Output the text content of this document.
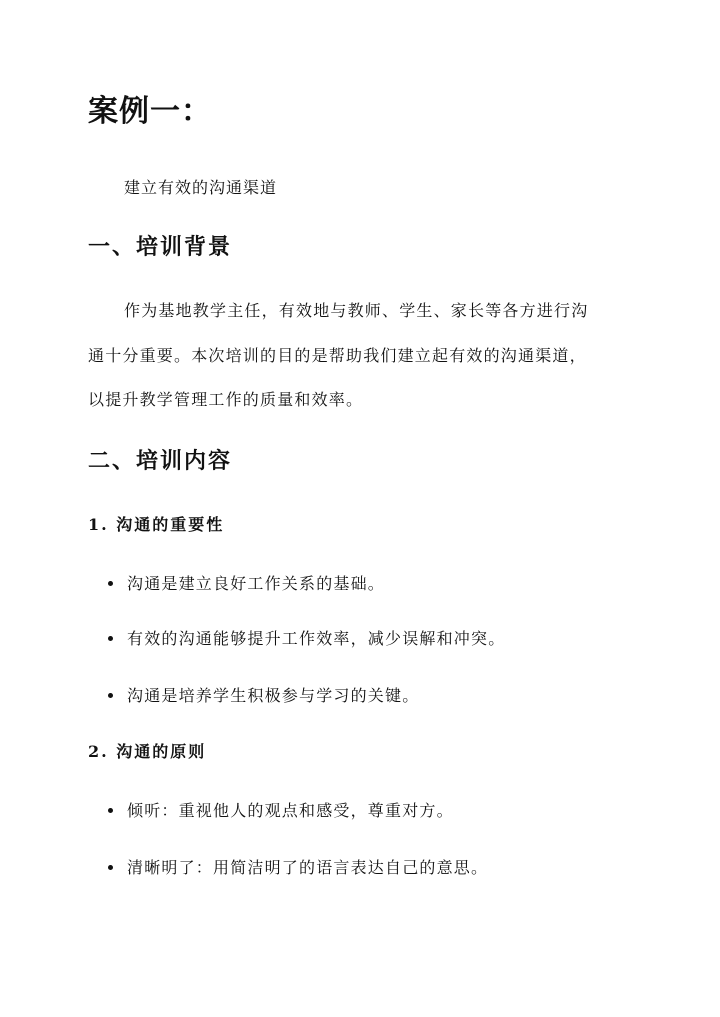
案例一：
建立有效的沟通渠道
一、培训背景
作为基地教学主任，有效地与教师、学生、家长等各方进行沟
通十分重要。本次培训的目的是帮助我们建立起有效的沟通渠道，
以提升教学管理工作的质量和效率。
二、培训内容
1. 沟通的重要性
沟通是建立良好工作关系的基础。
有效的沟通能够提升工作效率，减少误解和冲突。
沟通是培养学生积极参与学习的关键。
2. 沟通的原则
倾听：重视他人的观点和感受，尊重对方。
清晰明了：用简洁明了的语言表达自己的意思。
